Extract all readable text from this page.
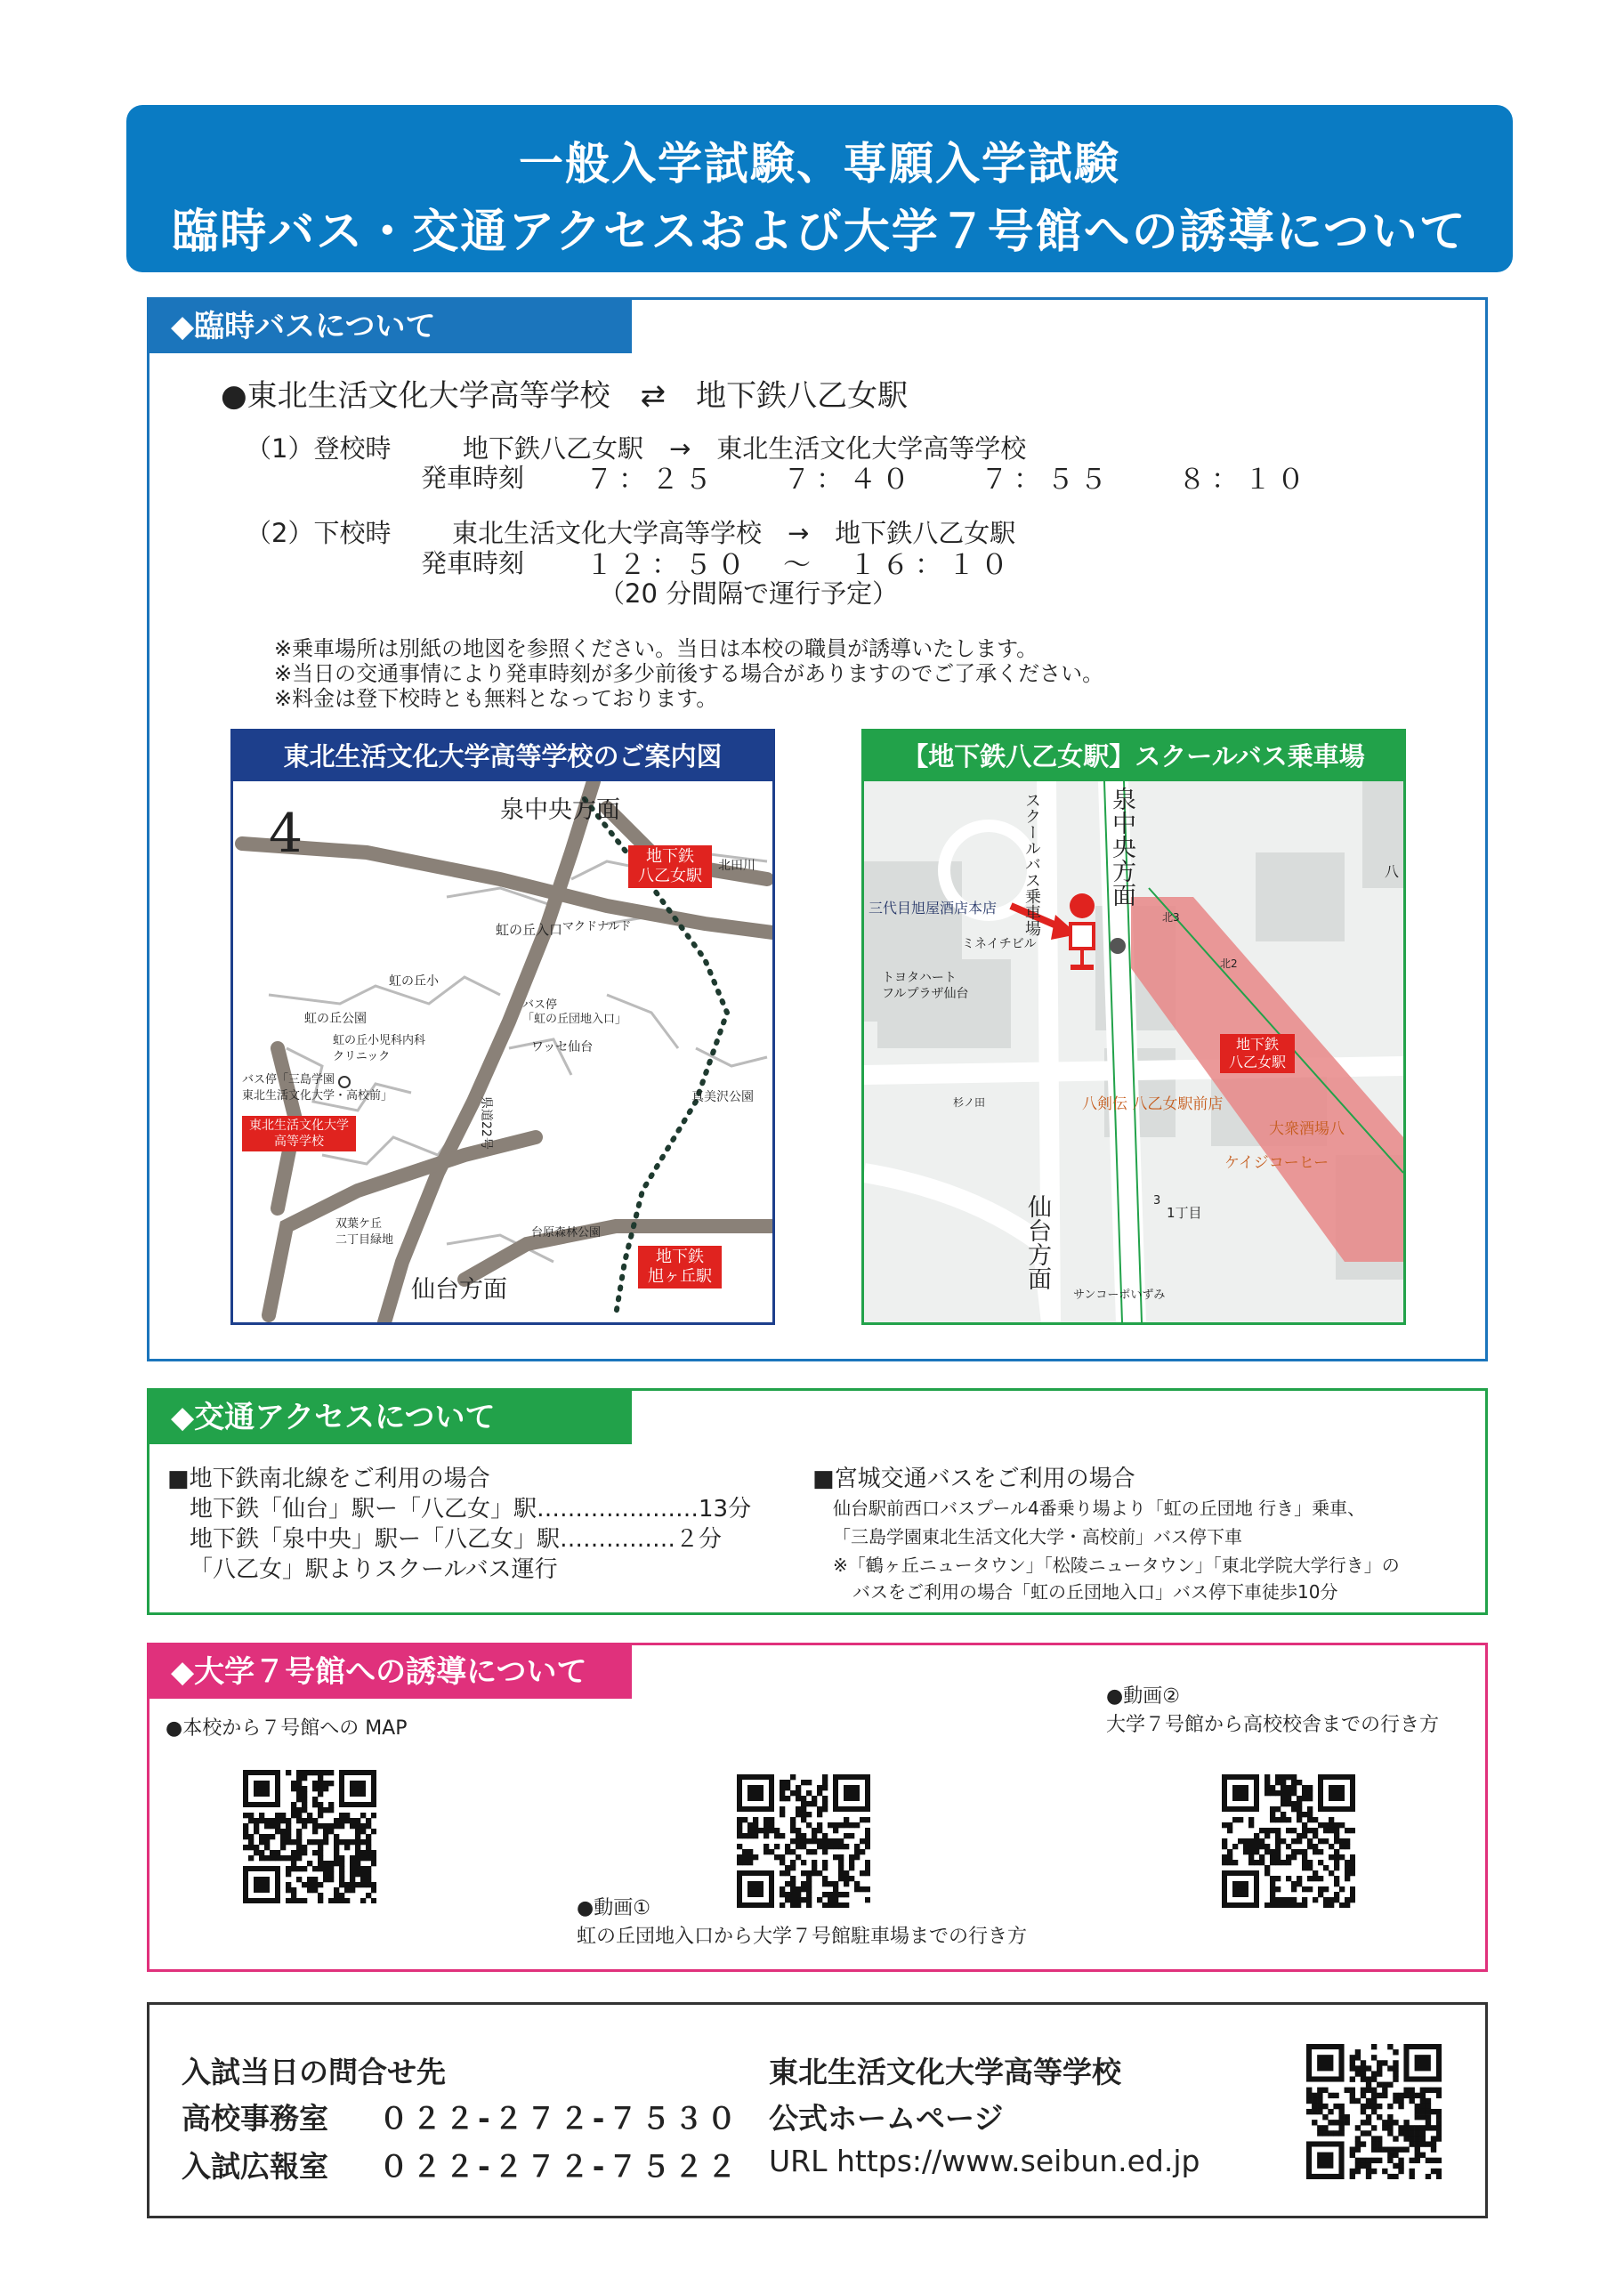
一般入学試験、専願入学試験
臨時バス・交通アクセスおよび大学７号館への誘導について
◆臨時バスについて
●東北生活文化大学高等学校　⇄　地下鉄八乙女駅
（1）登校時	地下鉄八乙女駅　→　東北生活文化大学高等学校
発車時刻 ７：２５　　７：４０　　７：５５　　８：１０
（2）下校時 東北生活文化大学高等学校　→　地下鉄八乙女駅
発車時刻 １２：５０　～　１６：１０
（20 分間隔で運行予定）
※乗車場所は別紙の地図を参照ください。当日は本校の職員が誘導いたします。
※当日の交通事情により発車時刻が多少前後する場合がありますのでご了承ください。
※料金は登下校時とも無料となっております。
東北生活文化大学高等学校のご案内図
4	泉中央方面
仙台方面
地下鉄
八乙女駅
地下鉄
旭ヶ丘駅
東北生活文化大学
高等学校
北田川
虹の丘入口 マクドナルド
虹の丘小
虹の丘公園
虹の丘小児科内科
クリニック
バス停「三島学園
東北生活文化大学・高校前」
バス停
「虹の丘団地入口」
ワッセ仙台
真美沢公園
県道22号
双葉ケ丘
二丁目緑地
台原森林公園
【地下鉄八乙女駅】スクールバス乗車場
泉中央方面
仙台方面
スクールバス乗車場
地下鉄
八乙女駅
三代目旭屋酒店本店
ミネイチビル
トヨタハート
フルプラザ仙台
杉ノ田	八剣伝 八乙女駅前店
大衆酒場八
ケイジコーヒー
1丁目
サンコーポいずみ
八
3
北2
北3
◆交通アクセスについて
■地下鉄南北線をご利用の場合
地下鉄「仙台」駅ー「八乙女」駅…………………13分
地下鉄「泉中央」駅ー「八乙女」駅……………２分
「八乙女」駅よりスクールバス運行
■宮城交通バスをご利用の場合
仙台駅前西口バスプール4番乗り場より「虹の丘団地 行き」乗車、
「三島学園東北生活文化大学・高校前」バス停下車
※「鶴ヶ丘ニュータウン」「松陵ニュータウン」「東北学院大学行き」の
バスをご利用の場合「虹の丘団地入口」バス停下車徒歩10分
◆大学７号館への誘導について
●本校から７号館への MAP
●動画①
虹の丘団地入口から大学７号館駐車場までの行き方
●動画②
大学７号館から高校校舎までの行き方
入試当日の問合せ先
高校事務室 ０２２-２７２-７５３０
入試広報室 ０２２-２７２-７５２２
東北生活文化大学高等学校
公式ホームページ
URL https://www.seibun.ed.jp
